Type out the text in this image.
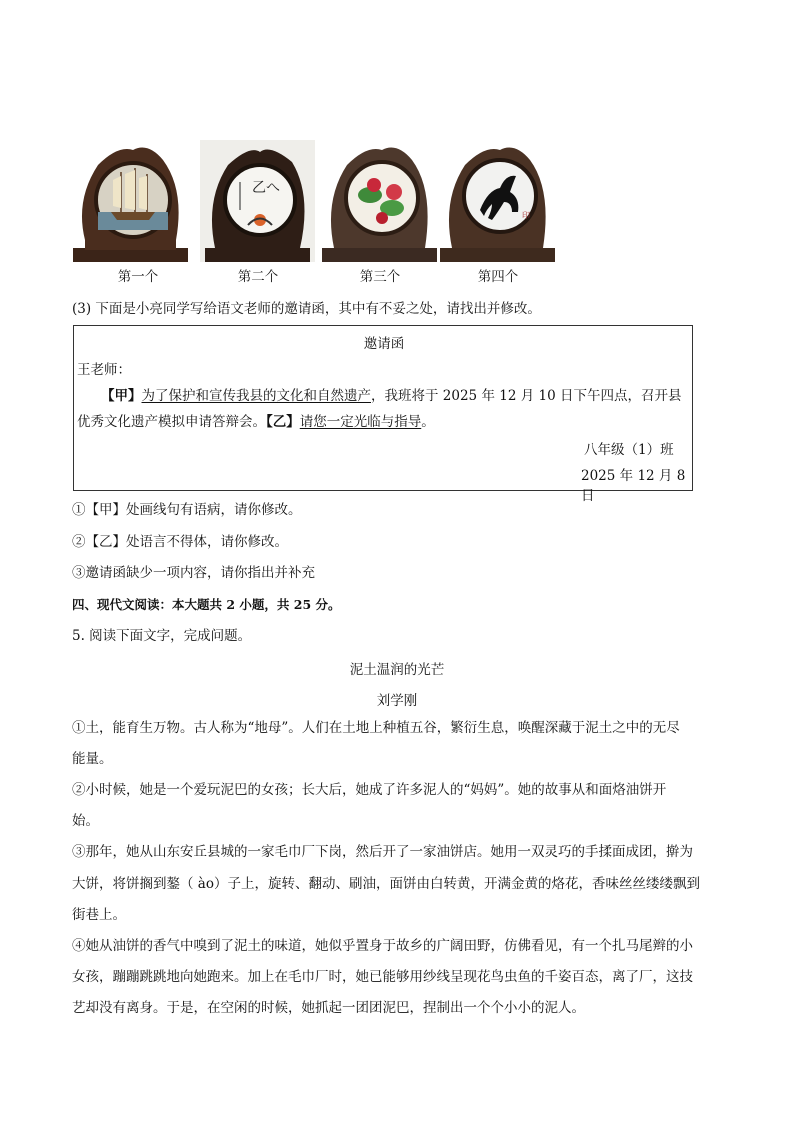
乙へ
印
第一个	第二个	第三个	第四个
(3) 下面是小亮同学写给语文老师的邀请函，其中有不妥之处，请找出并修改。
邀请函
王老师：
【甲】为了保护和宣传我县的文化和自然遗产，我班将于 2025 年 12 月 10 日下午四点，召开县
优秀文化遗产模拟申请答辩会。【乙】请您一定光临与指导。
八年级（1）班
2025 年 12 月 8 日
①【甲】处画线句有语病，请你修改。
②【乙】处语言不得体，请你修改。
③邀请函缺少一项内容，请你指出并补充
四、现代文阅读：本大题共 2 小题，共 25 分。
5. 阅读下面文字，完成问题。
泥土温润的光芒
刘学刚
①土，能育生万物。古人称为“地母”。人们在土地上种植五谷，繁衍生息，唤醒深藏于泥土之中的无尽
能量。
②小时候，她是一个爱玩泥巴的女孩；长大后，她成了许多泥人的“妈妈”。她的故事从和面烙油饼开
始。
③那年，她从山东安丘县城的一家毛巾厂下岗，然后开了一家油饼店。她用一双灵巧的手揉面成团，擀为
大饼，将饼搁到鏊（ ào）子上，旋转、翻动、刷油，面饼由白转黄，开满金黄的烙花，香味丝丝缕缕飘到
街巷上。
④她从油饼的香气中嗅到了泥土的味道，她似乎置身于故乡的广阔田野，仿佛看见，有一个扎马尾辫的小
女孩，蹦蹦跳跳地向她跑来。加上在毛巾厂时，她已能够用纱线呈现花鸟虫鱼的千姿百态，离了厂，这技
艺却没有离身。于是，在空闲的时候，她抓起一团团泥巴，捏制出一个个小小的泥人。
